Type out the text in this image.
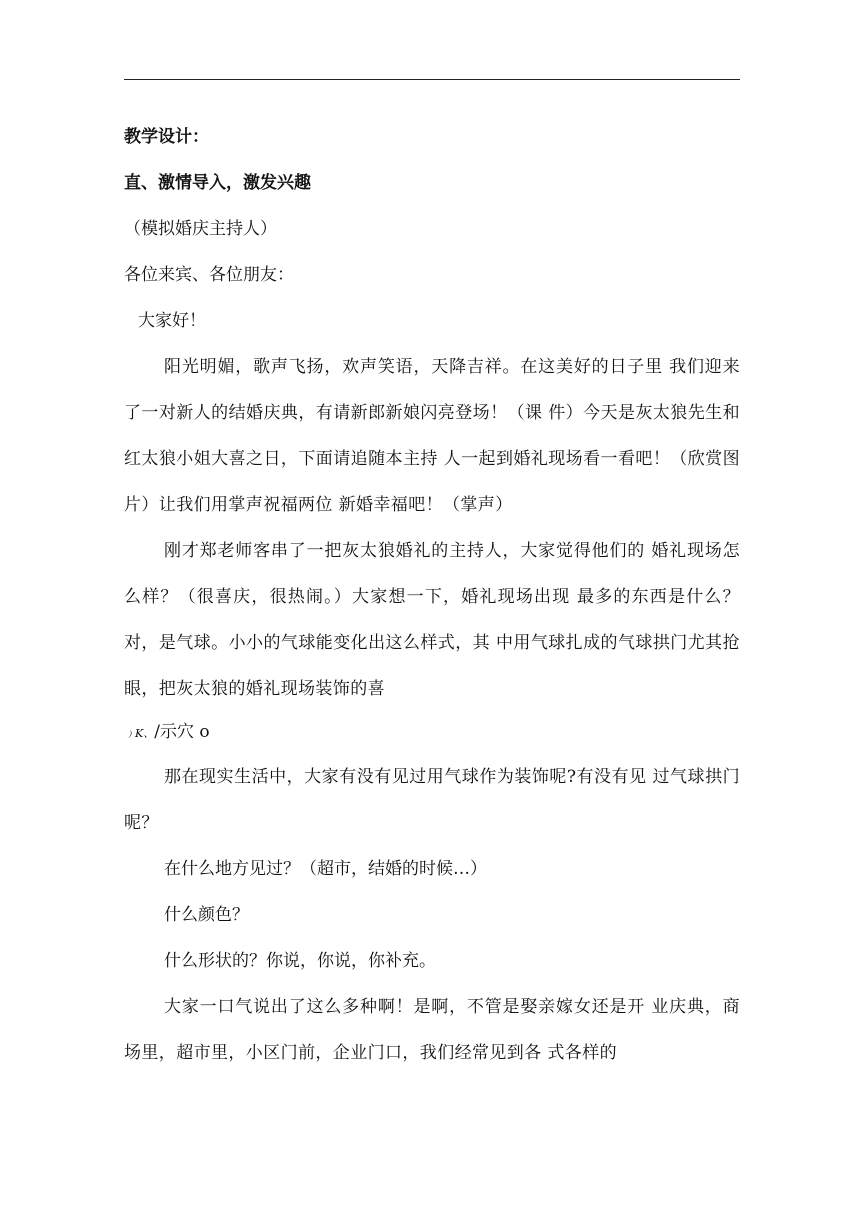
教学设计：
直、激情导入，激发兴趣
（模拟婚庆主持人）
各位来宾、各位朋友：
大家好！
阳光明媚，歌声飞扬，欢声笑语，天降吉祥。在这美好的日子里 我们迎来了一对新人的结婚庆典，有请新郎新娘闪亮登场！（课 件）今天是灰太狼先生和红太狼小姐大喜之日，下面请追随本主持 人一起到婚礼现场看一看吧！（欣赏图片）让我们用掌声祝福两位 新婚幸福吧！（掌声）
刚才郑老师客串了一把灰太狼婚礼的主持人，大家觉得他们的 婚礼现场怎么样？（很喜庆，很热闹。）大家想一下，婚礼现场出现 最多的东西是什么？对，是气球。小小的气球能变化出这么样式，其 中用气球扎成的气球拱门尤其抢眼，把灰太狼的婚礼现场装饰的喜
﹚Κ、/示穴 o
那在现实生活中，大家有没有见过用气球作为装饰呢?有没有见 过气球拱门呢？
在什么地方见过？（超市，结婚的时候…）
什么颜色？
什么形状的？你说，你说，你补充。
大家一口气说出了这么多种啊！是啊，不管是娶亲嫁女还是开 业庆典，商场里，超市里，小区门前，企业门口，我们经常见到各 式各样的
